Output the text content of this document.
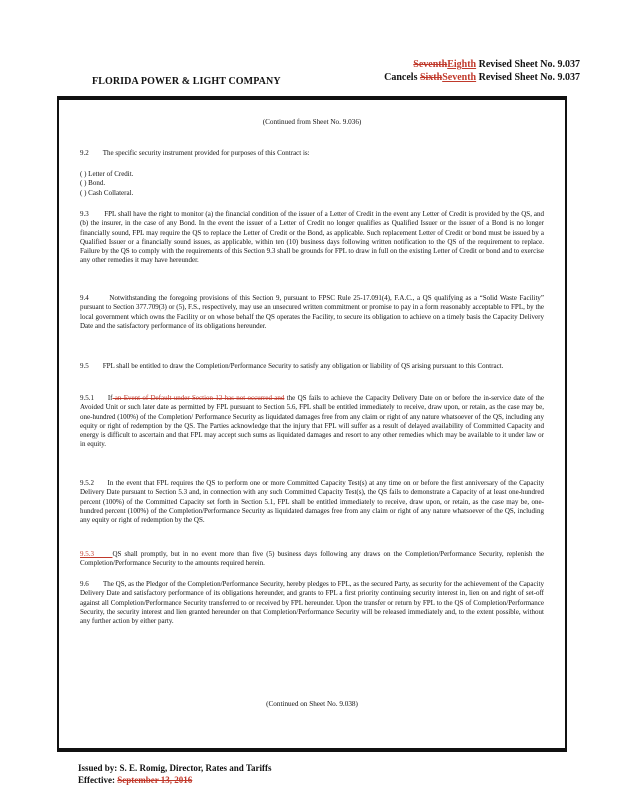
FLORIDA POWER & LIGHT COMPANY
SeventhEighth Revised Sheet No. 9.037
Cancels SixthSeventh Revised Sheet No. 9.037
(Continued from Sheet No. 9.036)

9.2        The specific security instrument provided for purposes of this Contract is:

( ) Letter of Credit.
( ) Bond.
( ) Cash Collateral.

9.3        FPL shall have the right to monitor (a) the financial condition of the issuer of a Letter of Credit in the event any Letter of Credit is provided by the QS, and (b) the insurer, in the case of any Bond. In the event the issuer of a Letter of Credit no longer qualifies as Qualified Issuer or the issuer of a Bond is no longer financially sound, FPL may require the QS to replace the Letter of Credit or the Bond, as applicable. Such replacement Letter of Credit or bond must be issued by a Qualified Issuer or a financially sound issues, as applicable, within ten (10) business days following written notification to the QS of the requirement to replace. Failure by the QS to comply with the requirements of this Section 9.3 shall be grounds for FPL to draw in full on the existing Letter of Credit or bond and to exercise any other remedies it may have hereunder.

9.4        Notwithstanding the foregoing provisions of this Section 9, pursuant to FPSC Rule 25-17.091(4), F.A.C., a QS qualifying as a “Solid Waste Facility” pursuant to Section 377.709(3) or (5), F.S., respectively, may use an unsecured written commitment or promise to pay in a form reasonably acceptable to FPL, by the local government which owns the Facility or on whose behalf the QS operates the Facility, to secure its obligation to achieve on a timely basis the Capacity Delivery Date and the satisfactory performance of its obligations hereunder.

9.5        FPL shall be entitled to draw the Completion/Performance Security to satisfy any obligation or liability of QS arising pursuant to this Contract.

9.5.1      If an Event of Default under Section 12 has not occurred and the QS fails to achieve the Capacity Delivery Date on or before the in-service date of the Avoided Unit or such later date as permitted by FPL pursuant to Section 5.6, FPL shall be entitled immediately to receive, draw upon, or retain, as the case may be, one-hundred (100%) of the Completion/ Performance Security as liquidated damages free from any claim or right of any nature whatsoever of the QS, including any equity or right of redemption by the QS. The Parties acknowledge that the injury that FPL will suffer as a result of delayed availability of Committed Capacity and energy is difficult to ascertain and that FPL may accept such sums as liquidated damages and resort to any other remedies which may be available to it under law or in equity.

9.5.2      In the event that FPL requires the QS to perform one or more Committed Capacity Test(s) at any time on or before the first anniversary of the Capacity Delivery Date pursuant to Section 5.3 and, in connection with any such Committed Capacity Test(s), the QS fails to demonstrate a Capacity of at least one-hundred percent (100%) of the Committed Capacity set forth in Section 5.1, FPL shall be entitled immediately to receive, draw upon, or retain, as the case may be, one-hundred percent (100%) of the Completion/Performance Security as liquidated damages free from any claim or right of any nature whatsoever of the QS, including any equity or right of redemption by the QS.

9.5.3      QS shall promptly, but in no event more than five (5) business days following any draws on the Completion/Performance Security, replenish the Completion/Performance Security to the amounts required herein.

9.6        The QS, as the Pledgor of the Completion/Performance Security, hereby pledges to FPL, as the secured Party, as security for the achievement of the Capacity Delivery Date and satisfactory performance of its obligations hereunder, and grants to FPL a first priority continuing security interest in, lien on and right of set-off against all Completion/Performance Security transferred to or received by FPL hereunder. Upon the transfer or return by FPL to the QS of Completion/Performance Security, the security interest and lien granted hereunder on that Completion/Performance Security will be released immediately and, to the extent possible, without any further action by either party.

(Continued on Sheet No. 9.038)
Issued by: S. E. Romig, Director, Rates and Tariffs
Effective: September 13, 2016
